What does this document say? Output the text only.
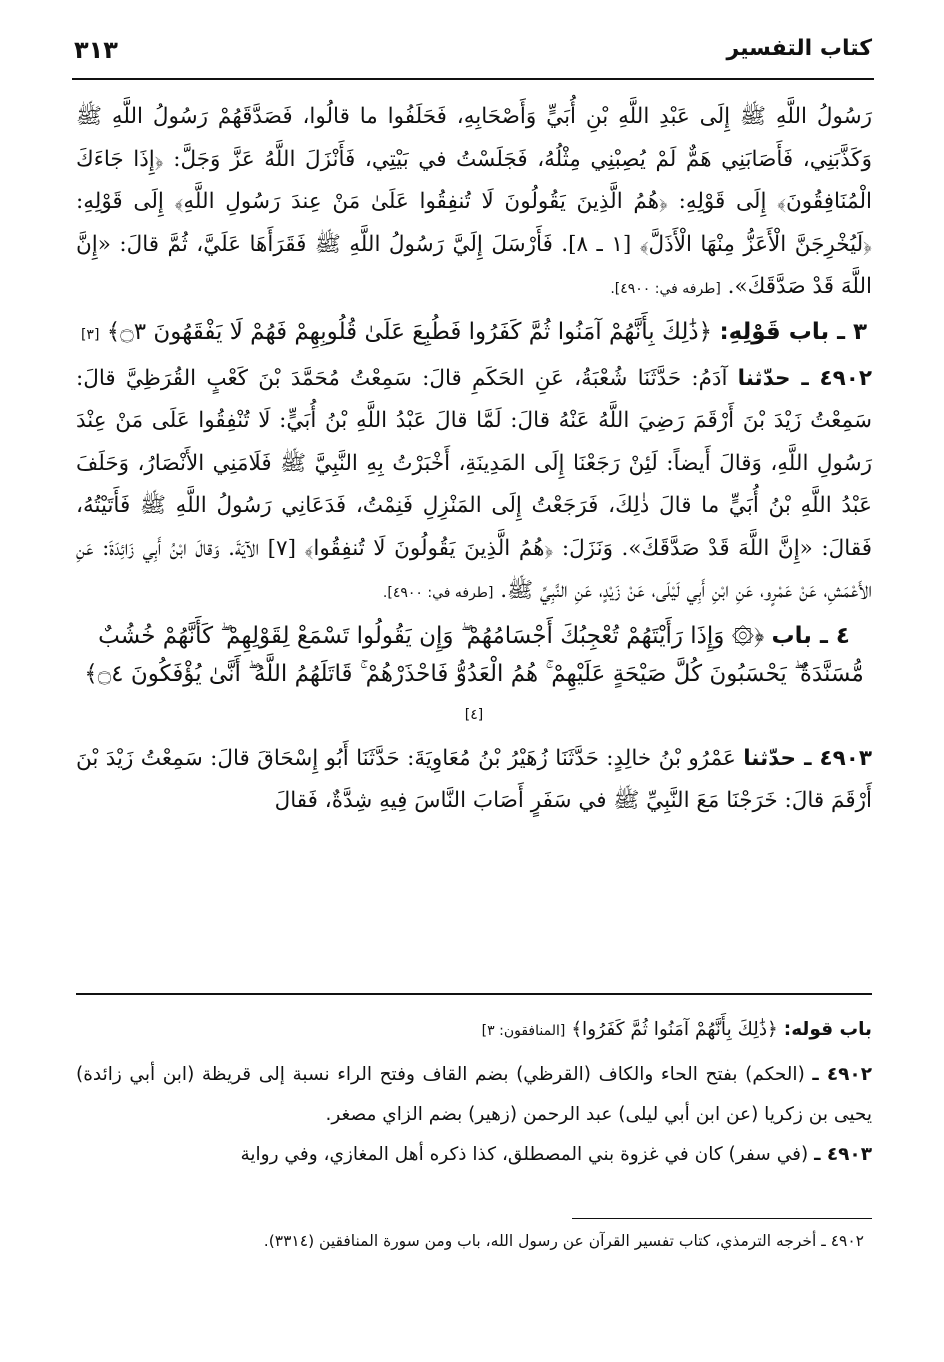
كتاب التفسير
٣١٣

رَسُولُ اللَّهِ ﷺ إِلَى عَبْدِ اللَّهِ بْنِ أُبَيٍّ وَأَصْحَابِهِ، فَحَلَفُوا ما قالُوا، فَصَدَّقَهُمْ رَسُولُ اللَّهِ ﷺ وَكَذَّبَنِي، فَأَصَابَنِي هَمٌّ لَمْ يُصِبْنِي مِثْلُهُ، فَجَلَسْتُ في بَيْتِي، فَأَنْزَلَ اللَّهُ عَزَّ وَجَلَّ: ﴿إِذَا جَاءَكَ الْمُنَافِقُونَ﴾ إِلَى قَوْلِهِ: ﴿هُمُ الَّذِينَ يَقُولُونَ لَا تُنفِقُوا عَلَىٰ مَنْ عِندَ رَسُولِ اللَّهِ﴾ إِلَى قَوْلِهِ: ﴿لَيُخْرِجَنَّ الْأَعَزُّ مِنْهَا الْأَذَلَّ﴾ [١ ـ ٨]. فَأَرْسَلَ إِلَيَّ رَسُولُ اللَّهِ ﷺ فَقَرَأَهَا عَلَيَّ، ثُمَّ قالَ: «إِنَّ اللَّهَ قَدْ صَدَّقَكَ». [طرفه في: ٤٩٠٠].

٣ ـ باب قَوْلِهِ: ﴿ذَٰلِكَ بِأَنَّهُمْ آمَنُوا ثُمَّ كَفَرُوا فَطُبِعَ عَلَىٰ قُلُوبِهِمْ فَهُمْ لَا يَفْقَهُونَ ۝٣﴾ [٣]

٤٩٠٢ ـ حدّثنا آدَمُ: حَدَّثَنَا شُعْبَةُ، عَنِ الحَكَمِ قالَ: سَمِعْتُ مُحَمَّدَ بْنَ كَعْبٍ القُرَظِيَّ قالَ: سَمِعْتُ زَيْدَ بْنَ أَرْقَمَ رَضِيَ اللَّهُ عَنْهُ قالَ: لَمَّا قالَ عَبْدُ اللَّهِ بْنُ أُبَيٍّ: لَا تُنْفِقُوا عَلَى مَنْ عِنْدَ رَسُولِ اللَّهِ، وَقالَ أَيضاً: لَئِنْ رَجَعْنَا إِلَى المَدِينَةِ، أَخْبَرْتُ بِهِ النَّبِيَّ ﷺ فَلَامَنِي الأَنْصَارُ، وَحَلَفَ عَبْدُ اللَّهِ بْنُ أُبَيٍّ ما قالَ ذٰلِكَ، فَرَجَعْتُ إِلَى المَنْزِلِ فَنِمْتُ، فَدَعَانِي رَسُولُ اللَّهِ ﷺ فَأَتَيْتُهُ، فَقالَ: «إِنَّ اللَّهَ قَدْ صَدَّقَكَ». وَنَزَلَ: ﴿هُمُ الَّذِينَ يَقُولُونَ لَا تُنفِقُوا﴾ [٧] الآيَةَ. وَقالَ ابْنُ أَبِي زَائِدَةَ: عَنِ الأَعْمَشِ، عَنْ عَمْرٍو، عَنِ ابْنِ أَبِي لَيْلَى، عَنْ زَيْدٍ، عَنِ النَّبِيِّ ﷺ. [طرفه في: ٤٩٠٠].

٤ ـ باب ﴿۞ وَإِذَا رَأَيْتَهُمْ تُعْجِبُكَ أَجْسَامُهُمْ ۖ وَإِن يَقُولُوا تَسْمَعْ لِقَوْلِهِمْ ۖ كَأَنَّهُمْ خُشُبٌ مُّسَنَّدَةٌ ۖ يَحْسَبُونَ كُلَّ صَيْحَةٍ عَلَيْهِمْ ۚ هُمُ الْعَدُوُّ فَاحْذَرْهُمْ ۚ قَاتَلَهُمُ اللَّهُ ۖ أَنَّىٰ يُؤْفَكُونَ ۝٤﴾ [٤]

٤٩٠٣ ـ حدّثنا عَمْرُو بْنُ خالِدٍ: حَدَّثَنَا زُهَيْرُ بْنُ مُعَاوِيَةَ: حَدَّثَنَا أَبُو إِسْحَاقَ قالَ: سَمِعْتُ زَيْدَ بْنَ أَرْقَمَ قالَ: خَرَجْنَا مَعَ النَّبِيِّ ﷺ في سَفَرٍ أَصَابَ النَّاسَ فِيهِ شِدَّةٌ، فَقالَ

باب قوله: ﴿ذَٰلِكَ بِأَنَّهُمْ آمَنُوا ثُمَّ كَفَرُوا﴾ [المنافقون: ٣]

٤٩٠٢ ـ (الحكم) بفتح الحاء والكاف (القرظي) بضم القاف وفتح الراء نسبة إلى قريظة (ابن أبي زائدة) يحيى بن زكريا (عن ابن أبي ليلى) عبد الرحمن (زهير) بضم الزاي مصغر.

٤٩٠٣ ـ (في سفر) كان في غزوة بني المصطلق، كذا ذكره أهل المغازي، وفي رواية

٤٩٠٢ ـ أخرجه الترمذي، كتاب تفسير القرآن عن رسول الله، باب ومن سورة المنافقين (٣٣١٤).
